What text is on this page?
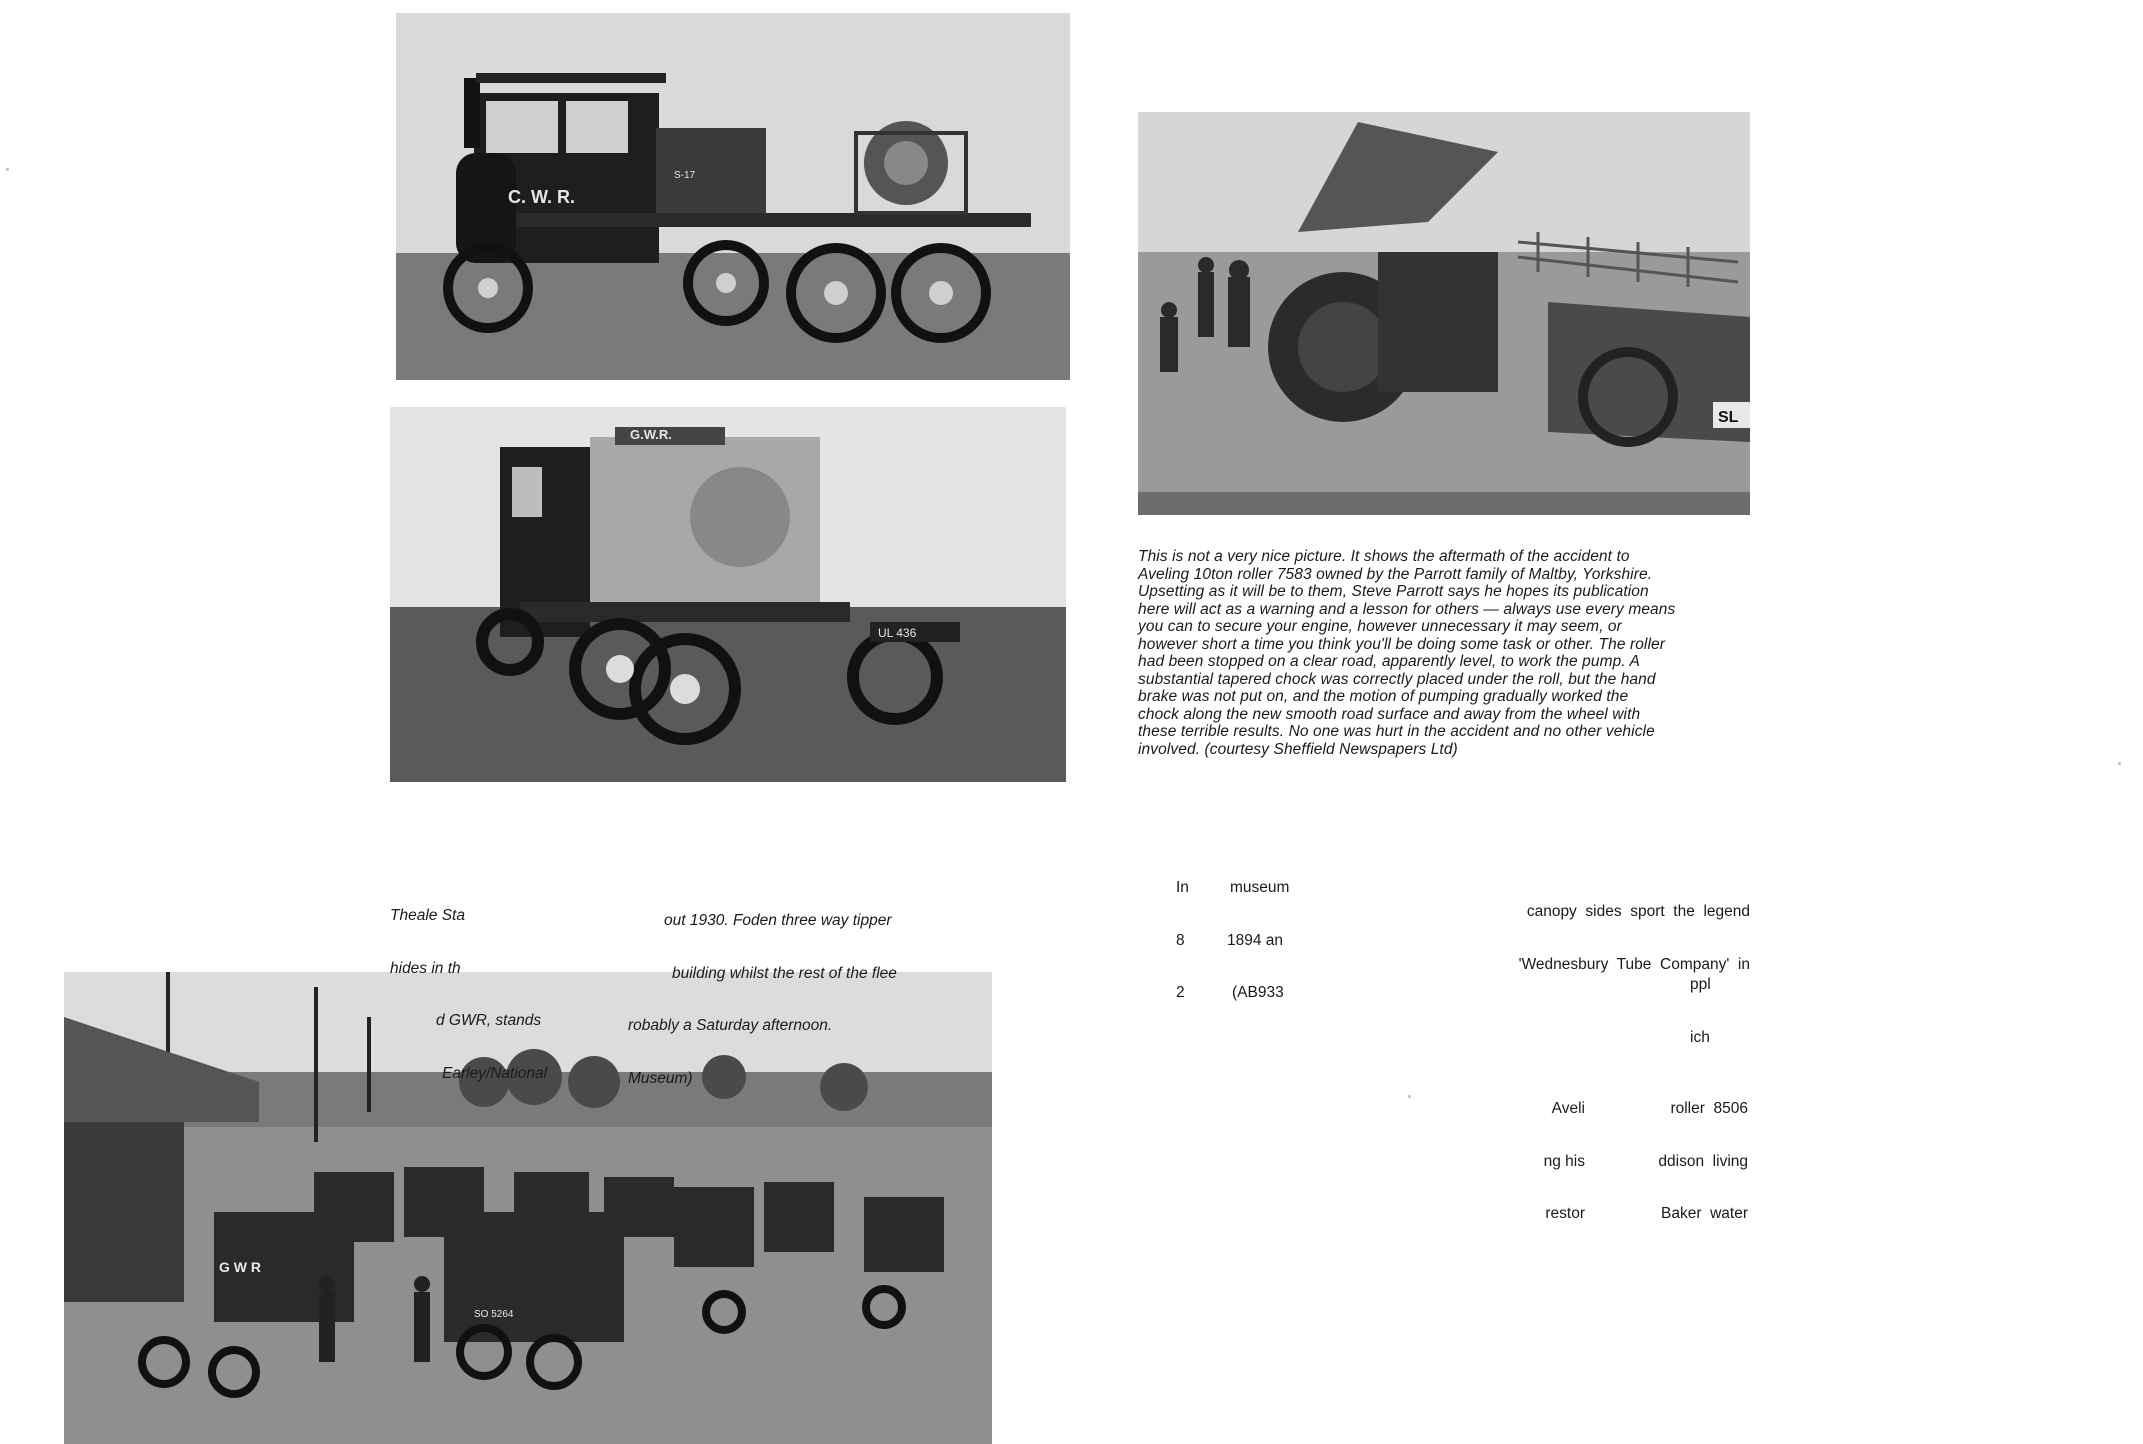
C. W. R.
S-17
G.W.R.
UL 436
SL
G W R
SO 5264

This is not a very nice picture. It shows the aftermath of the accident to

Aveling 10ton roller 7583 owned by the Parrott family of Maltby, Yorkshire.

Upsetting as it will be to them, Steve Parrott says he hopes its publication

here will act as a warning and a lesson for others — always use every means

you can to secure your engine, however unnecessary it may seem, or

however short a time you think you'll be doing some task or other. The roller

had been stopped on a clear road, apparently level, to work the pump. A

substantial tapered chock was correctly placed under the roll, but the hand

brake was not put on, and the motion of pumping gradually worked the

chock along the new smooth road surface and away from the wheel with

these terrible results. No one was hurt in the accident and no other vehicle

involved. (courtesy Sheffield Newspapers Ltd)

Theale Sta

hides in th

d GWR, stands

Earley/National

out 1930. Foden three way tipper

building whilst the rest of the flee

robably a Saturday afternoon.

Museum)

In

8

2

museum

1894 an

(AB933

canopy  sides  sport  the  legend

'Wednesbury  Tube  Company'  in

ppl

ich

Aveli

ng his

restor

roller  8506

ddison  living

Baker  water
